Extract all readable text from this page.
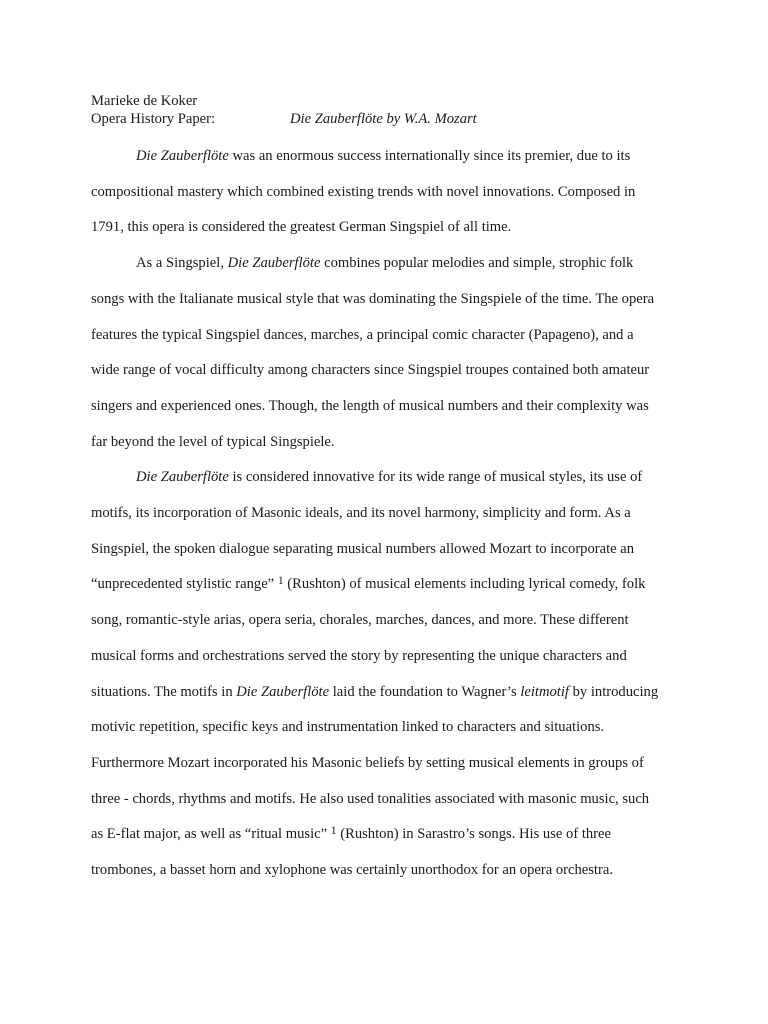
Marieke de Koker
Opera History Paper:	Die Zauberflöte by W.A. Mozart
Die Zauberflöte was an enormous success internationally since its premier, due to its
compositional mastery which combined existing trends with novel innovations. Composed in
1791, this opera is considered the greatest German Singspiel of all time.
As a Singspiel, Die Zauberflöte combines popular melodies and simple, strophic folk
songs with the Italianate musical style that was dominating the Singspiele of the time. The opera
features the typical Singspiel dances, marches, a principal comic character (Papageno), and a
wide range of vocal difficulty among characters since Singspiel troupes contained both amateur
singers and experienced ones. Though, the length of musical numbers and their complexity was
far beyond the level of typical Singspiele.
Die Zauberflöte is considered innovative for its wide range of musical styles, its use of
motifs, its incorporation of Masonic ideals, and its novel harmony, simplicity and form. As a
Singspiel, the spoken dialogue separating musical numbers allowed Mozart to incorporate an
“unprecedented stylistic range” $^1$ (Rushton) of musical elements including lyrical comedy, folk
song, romantic-style arias, opera seria, chorales, marches, dances, and more. These different
musical forms and orchestrations served the story by representing the unique characters and
situations. The motifs in Die Zauberflöte laid the foundation to Wagner’s leitmotif by introducing
motivic repetition, specific keys and instrumentation linked to characters and situations.
Furthermore Mozart incorporated his Masonic beliefs by setting musical elements in groups of
three - chords, rhythms and motifs. He also used tonalities associated with masonic music, such
as E-flat major, as well as “ritual music” $^1$ (Rushton) in Sarastro’s songs. His use of three
trombones, a basset horn and xylophone was certainly unorthodox for an opera orchestra.
